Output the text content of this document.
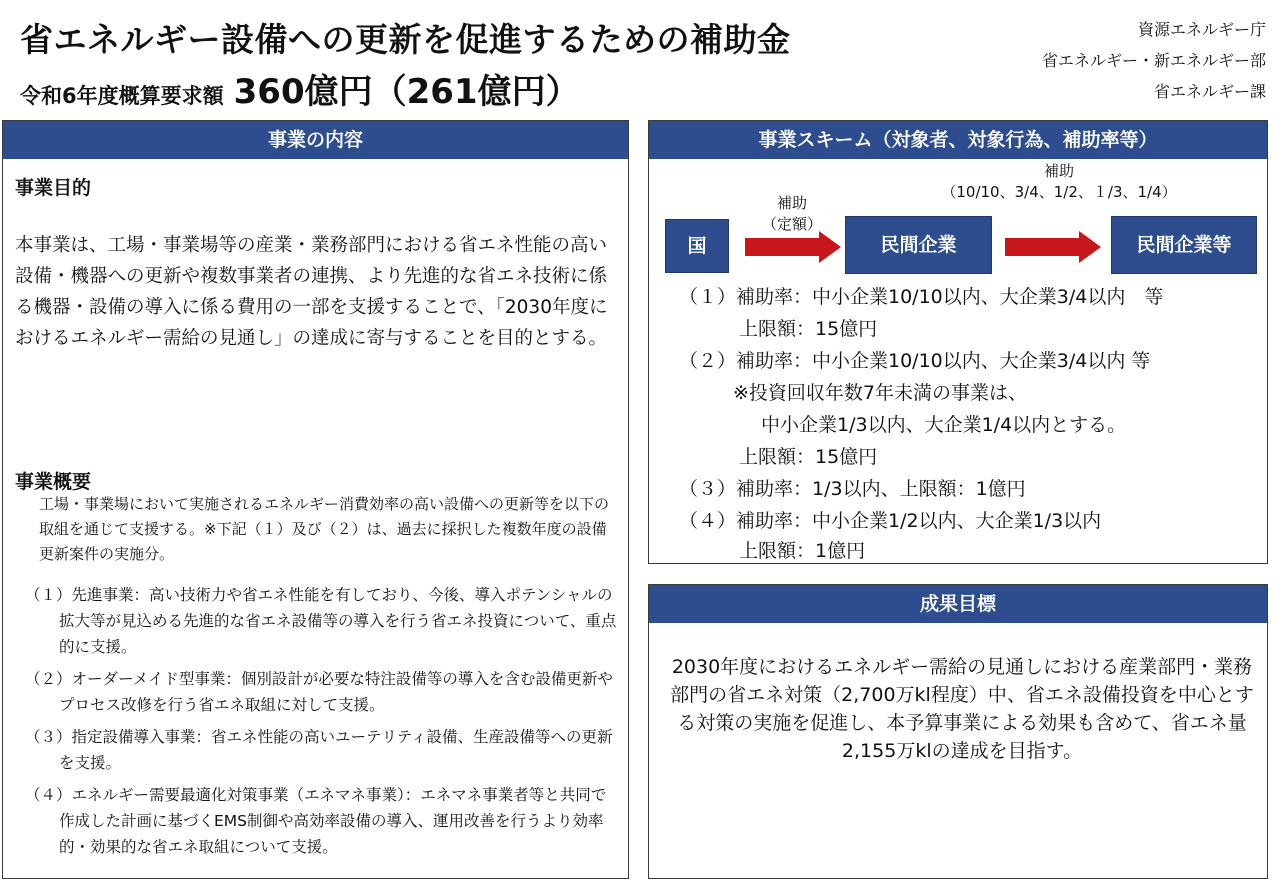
省エネルギー設備への更新を促進するための補助金
令和6年度概算要求額 360億円（261億円）
資源エネルギー庁
省エネルギー・新エネルギー部
省エネルギー課
事業の内容
事業目的
本事業は、工場・事業場等の産業・業務部門における省エネ性能の高い設備・機器への更新や複数事業者の連携、より先進的な省エネ技術に係る機器・設備の導入に係る費用の一部を支援することで、「2030年度におけるエネルギー需給の見通し」の達成に寄与することを目的とする。
事業概要
工場・事業場において実施されるエネルギー消費効率の高い設備への更新等を以下の取組を通じて支援する。※下記（１）及び（２）は、過去に採択した複数年度の設備更新案件の実施分。
（１）先進事業：高い技術力や省エネ性能を有しており、今後、導入ポテンシャルの拡大等が見込める先進的な省エネ設備等の導入を行う省エネ投資について、重点的に支援。
（２）オーダーメイド型事業：個別設計が必要な特注設備等の導入を含む設備更新やプロセス改修を行う省エネ取組に対して支援。
（３）指定設備導入事業：省エネ性能の高いユーテリティ設備、生産設備等への更新を支援。
（４）エネルギー需要最適化対策事業（エネマネ事業）：エネマネ事業者等と共同で作成した計画に基づくEMS制御や高効率設備の導入、運用改善を行うより効率的・効果的な省エネ取組について支援。
事業スキーム（対象者、対象行為、補助率等）
補助
（定額）
補助
（10/10、3/4、1/2、１/3、1/4）
国	民間企業	民間企業等
（１）補助率：中小企業10/10以内、大企業3/4以内　等
上限額：15億円
（２）補助率：中小企業10/10以内、大企業3/4以内 等
※投資回収年数7年未満の事業は、
中小企業1/3以内、大企業1/4以内とする。
上限額：15億円
（３）補助率：1/3以内、上限額：1億円
（４）補助率：中小企業1/2以内、大企業1/3以内
上限額：1億円
成果目標
2030年度におけるエネルギー需給の見通しにおける産業部門・業務部門の省エネ対策（2,700万kl程度）中、省エネ設備投資を中心とする対策の実施を促進し、本予算事業による効果も含めて、省エネ量2,155万klの達成を目指す。
